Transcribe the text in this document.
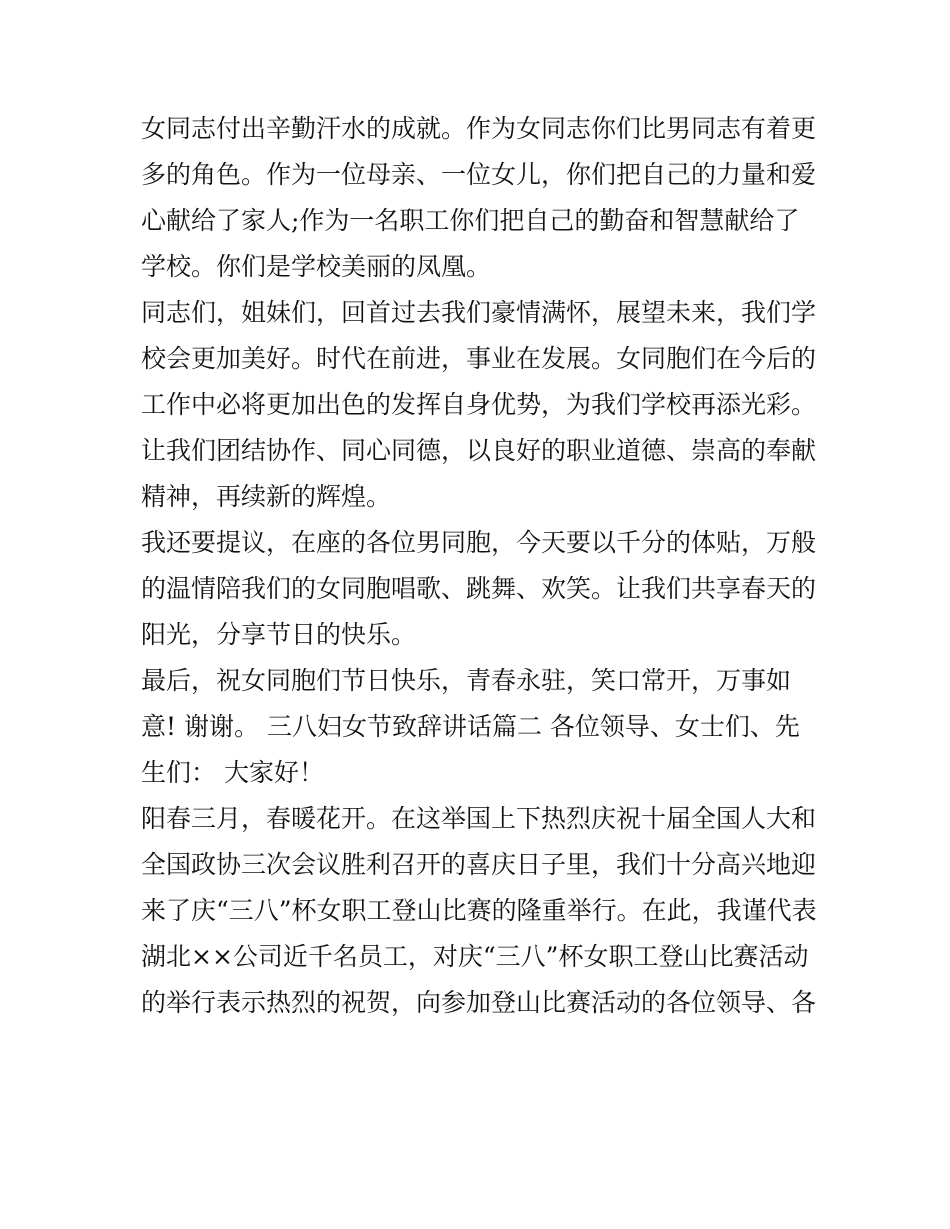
女同志付出辛勤汗水的成就。作为女同志你们比男同志有着更
多的角色。作为一位母亲、一位女儿，你们把自己的力量和爱
心献给了家人;作为一名职工你们把自己的勤奋和智慧献给了
学校。你们是学校美丽的凤凰。
同志们，姐妹们，回首过去我们豪情满怀，展望未来，我们学
校会更加美好。时代在前进，事业在发展。女同胞们在今后的
工作中必将更加出色的发挥自身优势，为我们学校再添光彩。
让我们团结协作、同心同德，以良好的职业道德、崇高的奉献
精神，再续新的辉煌。
我还要提议，在座的各位男同胞，今天要以千分的体贴，万般
的温情陪我们的女同胞唱歌、跳舞、欢笑。让我们共享春天的
阳光，分享节日的快乐。
最后，祝女同胞们节日快乐，青春永驻，笑口常开，万事如
意! 谢谢。 三八妇女节致辞讲话篇二 各位领导、女士们、先
生们： 大家好！
阳春三月，春暖花开。在这举国上下热烈庆祝十届全国人大和
全国政协三次会议胜利召开的喜庆日子里，我们十分高兴地迎
来了庆“三八”杯女职工登山比赛的隆重举行。在此，我谨代表
湖北××公司近千名员工，对庆“三八”杯女职工登山比赛活动
的举行表示热烈的祝贺，向参加登山比赛活动的各位领导、各
